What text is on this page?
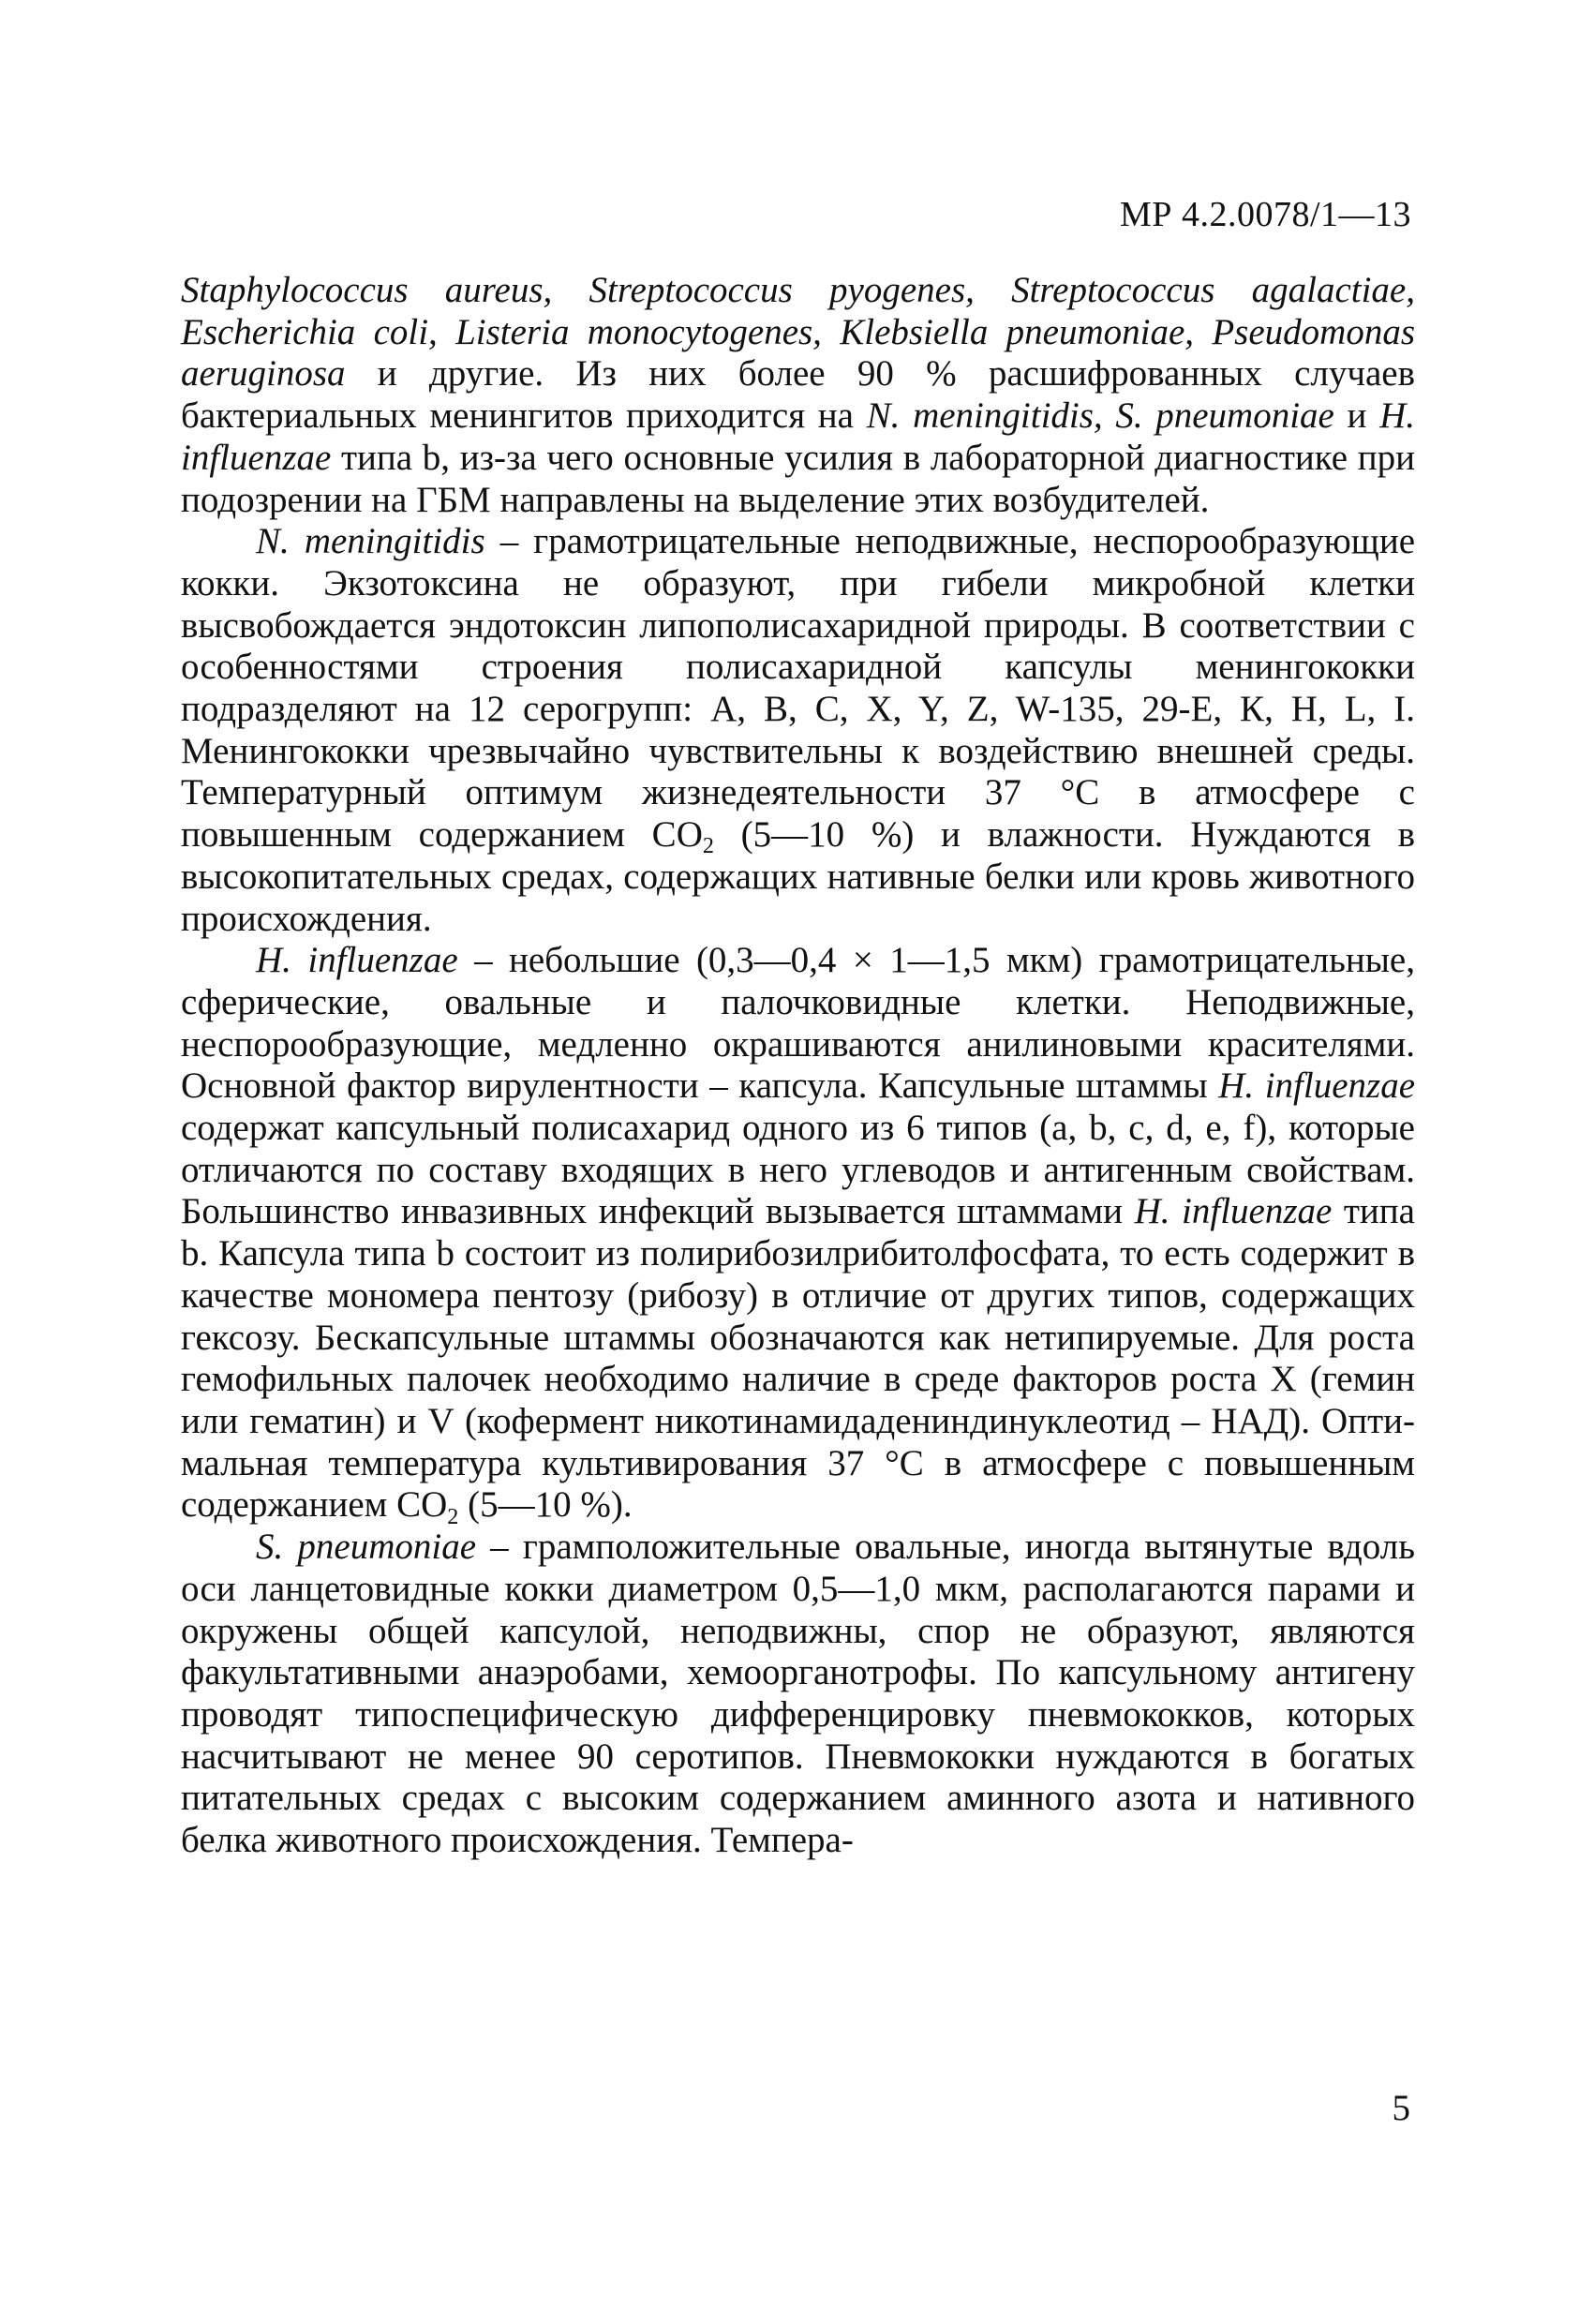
МР 4.2.0078/1—13

Staphylococcus aureus, Streptococcus pyogenes, Streptococcus agalactiae, Escherichia coli, Listeria monocytogenes, Klebsiella pneumoniae, Pseudomonas aeruginosa и другие. Из них более 90 % расшифрованных случаев бактериальных менингитов приходится на N. meningitidis, S. pneumoniae и H. influenzae типа b, из-за чего основные усилия в лабораторной диагностике при подозрении на ГБМ направлены на выделение этих возбудителей.

N. meningitidis – грамотрицательные неподвижные, неспорообразующие кокки. Экзотоксина не образуют, при гибели микробной клетки высвобождается эндотоксин липополисахаридной природы. В соответствии с особенностями строения полисахаридной капсулы менингококки подразделяют на 12 серогрупп: А, В, С, X, Y, Z, W-135, 29-Е, К, Н, L, I. Менингококки чрезвычайно чувствительны к воздействию внешней среды. Температурный оптимум жизнедеятельности 37 °С в атмосфере с повышенным содержанием $CO_2$ (5—10 %) и влажности. Нуждаются в высокопитательных средах, содержащих нативные белки или кровь животного происхождения.

H. influenzae – небольшие (0,3—0,4 × 1—1,5 мкм) грамотрицательные, сферические, овальные и палочковидные клетки. Неподвижные, неспорообразующие, медленно окрашиваются анилиновыми красителями. Основной фактор вирулентности – капсула. Капсульные штаммы H. influenzae содержат капсульный полисахарид одного из 6 типов (a, b, c, d, e, f), которые отличаются по составу входящих в него углеводов и антигенным свойствам. Большинство инвазивных инфекций вызывается штаммами H. influenzae типа b. Капсула типа b состоит из полирибозилрибитолфосфата, то есть содержит в качестве мономера пентозу (рибозу) в отличие от других типов, содержащих гексозу. Бескапсульные штаммы обозначаются как нетипируемые. Для роста гемофильных палочек необходимо наличие в среде факторов роста X (гемин или гематин) и V (кофермент никотинамидадениндинуклеотид – НАД). Оптимальная температура культивирования 37 °С в атмосфере с повышенным содержанием $CO_2$ (5—10 %).

S. pneumoniae – грамположительные овальные, иногда вытянутые вдоль оси ланцетовидные кокки диаметром 0,5—1,0 мкм, располагаются парами и окружены общей капсулой, неподвижны, спор не образуют, являются факультативными анаэробами, хемоорганотрофы. По капсульному антигену проводят типоспецифическую дифференцировку пневмококков, которых насчитывают не менее 90 серотипов. Пневмококки нуждаются в богатых питательных средах с высоким содержанием аминного азота и нативного белка животного происхождения. Темпера-

5
